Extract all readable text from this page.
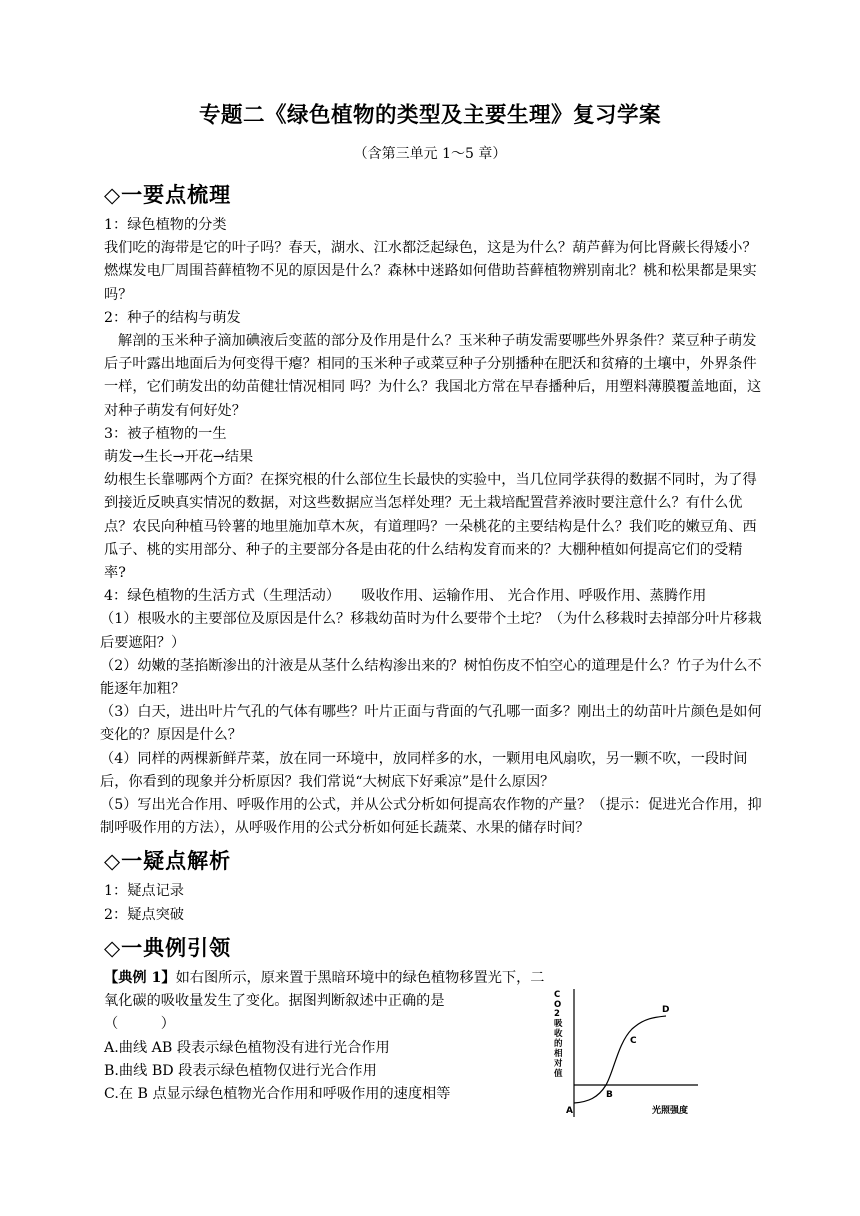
专题二《绿色植物的类型及主要生理》复习学案
（含第三单元 1～5 章）

◇一要点梳理

1：绿色植物的分类

我们吃的海带是它的叶子吗？春天，湖水、江水都泛起绿色，这是为什么？葫芦藓为何比肾蕨长得矮小？燃煤发电厂周围苔藓植物不见的原因是什么？森林中迷路如何借助苔藓植物辨别南北？桃和松果都是果实吗？

2：种子的结构与萌发

解剖的玉米种子滴加碘液后变蓝的部分及作用是什么？玉米种子萌发需要哪些外界条件？菜豆种子萌发后子叶露出地面后为何变得干瘪？相同的玉米种子或菜豆种子分别播种在肥沃和贫瘠的土壤中，外界条件一样，它们萌发出的幼苗健壮情况相同 吗？为什么？我国北方常在早春播种后，用塑料薄膜覆盖地面，这对种子萌发有何好处？

3：被子植物的一生

萌发→生长→开花→结果

幼根生长靠哪两个方面？在探究根的什么部位生长最快的实验中，当几位同学获得的数据不同时，为了得到接近反映真实情况的数据，对这些数据应当怎样处理？无土栽培配置营养液时要注意什么？有什么优点？农民向种植马铃薯的地里施加草木灰，有道理吗？一朵桃花的主要结构是什么？我们吃的嫩豆角、西瓜子、桃的实用部分、种子的主要部分各是由花的什么结构发育而来的？大棚种植如何提高它们的受精率?

4：绿色植物的生活方式（生理活动）　　吸收作用、运输作用、 光合作用、呼吸作用、蒸腾作用

（1）根吸水的主要部位及原因是什么？移栽幼苗时为什么要带个土坨？（为什么移栽时去掉部分叶片移栽后要遮阳？）

（2）幼嫩的茎掐断渗出的汁液是从茎什么结构渗出来的？树怕伤皮不怕空心的道理是什么？竹子为什么不能逐年加粗？

（3）白天，进出叶片气孔的气体有哪些？叶片正面与背面的气孔哪一面多？刚出土的幼苗叶片颜色是如何变化的？原因是什么？

（4）同样的两棵新鲜芹菜，放在同一环境中，放同样多的水，一颗用电风扇吹，另一颗不吹，一段时间后，你看到的现象并分析原因？我们常说“大树底下好乘凉”是什么原因？

（5）写出光合作用、呼吸作用的公式，并从公式分析如何提高农作物的产量？（提示：促进光合作用，抑制呼吸作用的方法），从呼吸作用的公式分析如何延长蔬菜、水果的储存时间？

◇一疑点解析

1：疑点记录

2：疑点突破

◇一典例引领

【典例 1】如右图所示，原来置于黑暗环境中的绿色植物移置光下，二氧化碳的吸收量发生了变化。据图判断叙述中正确的是

（　　　）

A.曲线 AB 段表示绿色植物没有进行光合作用

B.曲线 BD 段表示绿色植物仅进行光合作用

C.在 B 点显示绿色植物光合作用和呼吸作用的速度相等

C O 2 吸 收 的 相 对 值
光照强度
A
B
C
D
